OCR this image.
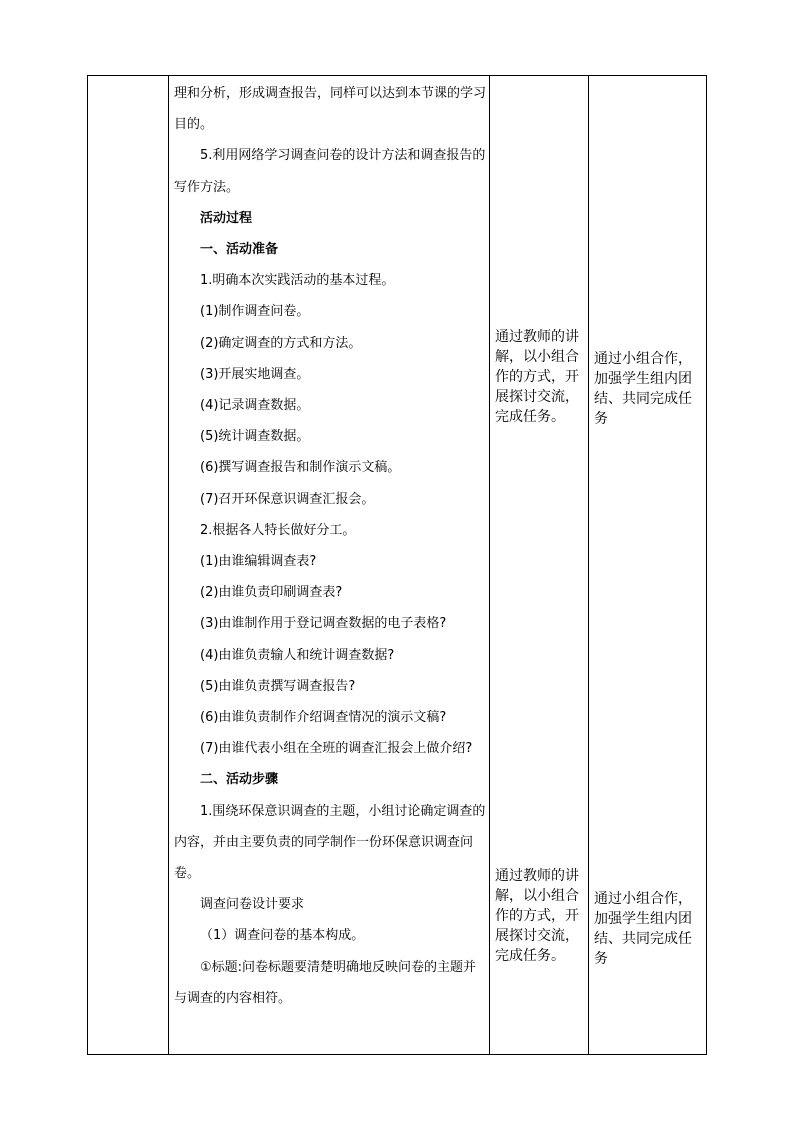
理和分析，形成调查报告，同样可以达到本节课的学习目的。

5.利用网络学习调查问卷的设计方法和调查报告的写作方法。

活动过程

一、活动准备

1.明确本次实践活动的基本过程。

(1)制作调查问卷。

(2)确定调查的方式和方法。

(3)开展实地调查。

(4)记录调查数据。

(5)统计调查数据。

(6)撰写调查报告和制作演示文稿。

(7)召开环保意识调查汇报会。

2.根据各人特长做好分工。

(1)由谁编辑调查表?

(2)由谁负责印刷调查表?

(3)由谁制作用于登记调查数据的电子表格?

(4)由谁负责输人和统计调查数据?

(5)由谁负责撰写调查报告?

(6)由谁负责制作介绍调查情况的演示文稿?

(7)由谁代表小组在全班的调查汇报会上做介绍?

二、活动步骤

1.围绕环保意识调查的主题，小组讨论确定调查的内容，并由主要负责的同学制作一份环保意识调查问卷。

调查问卷设计要求

（1）调查问卷的基本构成。

①标题:问卷标题要清楚明确地反映问卷的主题并与调查的内容相符。

通过教师的讲解，以小组合作的方式，开展探讨交流，完成任务。
通过教师的讲解，以小组合作的方式，开展探讨交流，完成任务。
通过小组合作，加强学生组内团结、共同完成任务
通过小组合作，加强学生组内团结、共同完成任务
